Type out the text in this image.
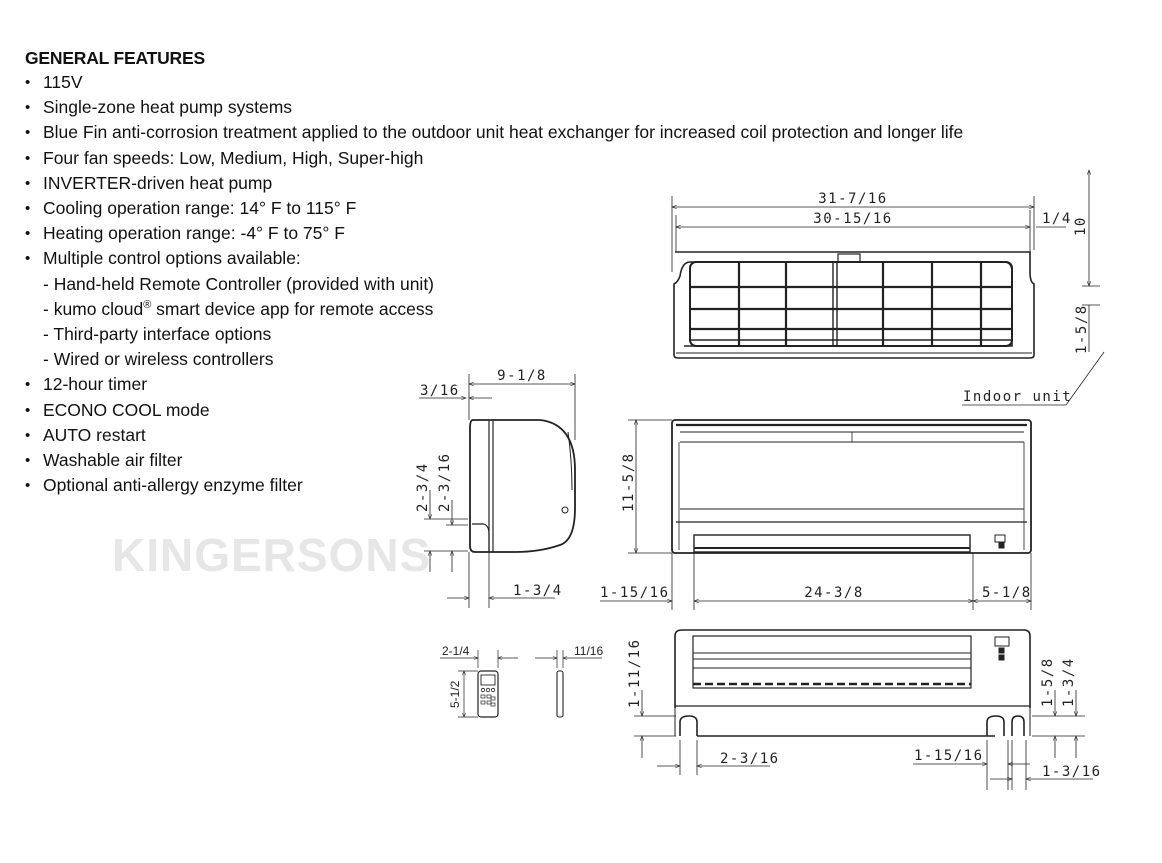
GENERAL FEATURES
• 115V
• Single-zone heat pump systems
• Blue Fin anti-corrosion treatment applied to the outdoor unit heat exchanger for increased coil protection and longer life
• Four fan speeds: Low, Medium, High, Super-high
• INVERTER-driven heat pump
• Cooling operation range: 14° F to 115° F
• Heating operation range: -4° F to 75° F
• Multiple control options available:
- Hand-held Remote Controller (provided with unit)
- kumo cloud® smart device app for remote access
- Third-party interface options
- Wired or wireless controllers
• 12-hour timer
• ECONO COOL mode
• AUTO restart
• Washable air filter
• Optional anti-allergy enzyme filter
KINGERSONS
31-7/16
30-15/16	1/4 10
1-5/8
Indoor unit
9-1/8
3/16
2-3/4 2-3/16
1-3/4
11-5/8
1-15/16	24-3/8	5-1/8
1-11/16
2-3/16	1-15/16
1-3/16
1-5/8 1-3/4
2-1/4
5-1/2
11/16
